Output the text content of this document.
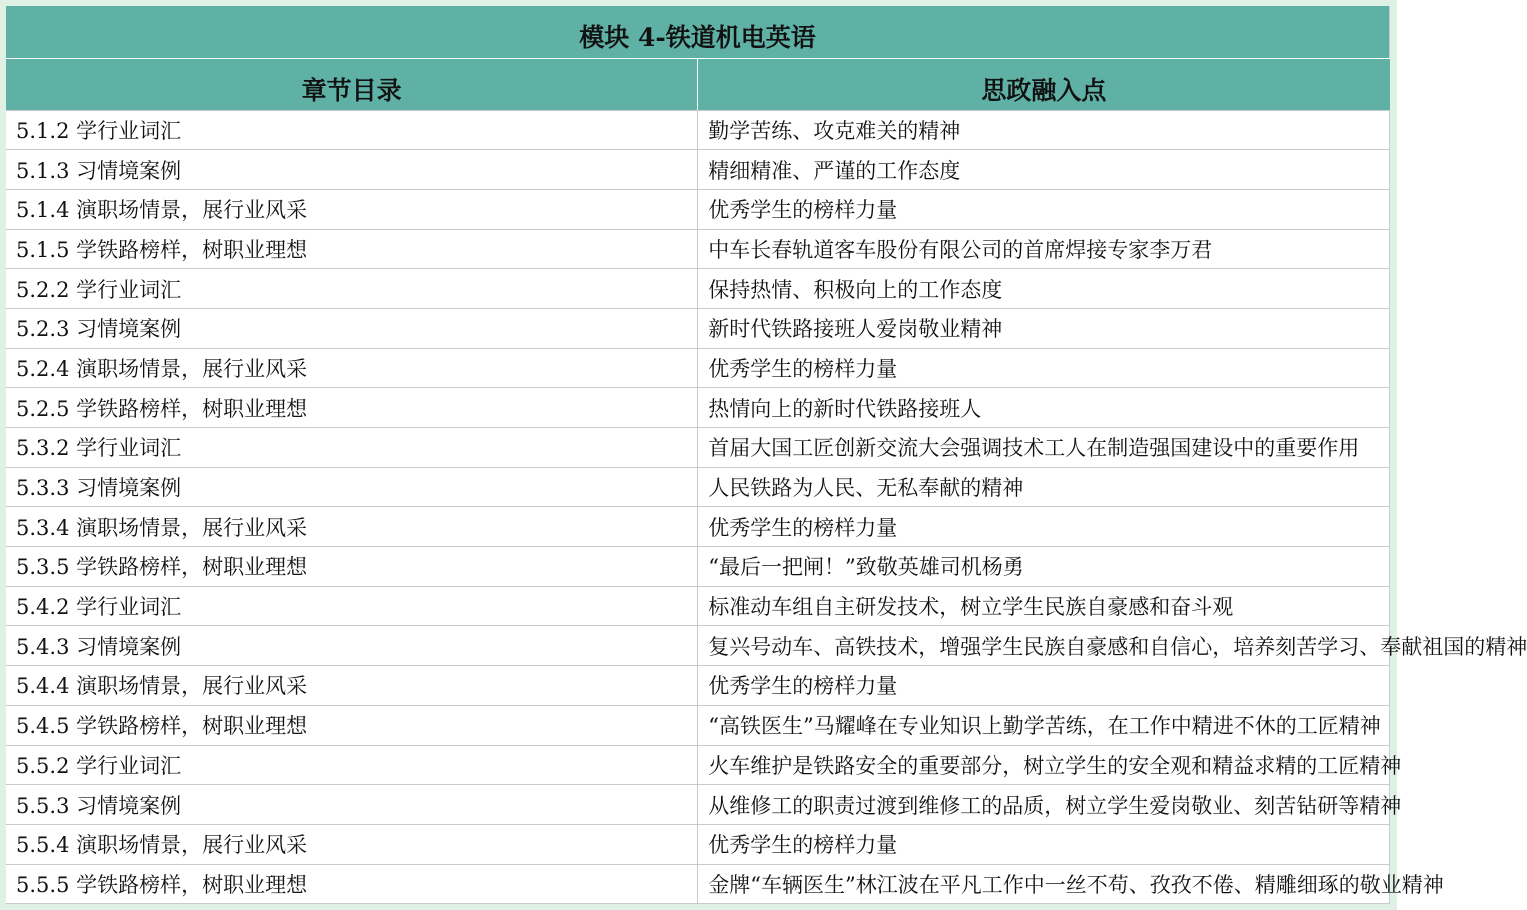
模块 4-铁道机电英语	
章节目录	思政融入点
5.1.2 学行业词汇	勤学苦练、攻克难关的精神
5.1.3 习情境案例	精细精准、严谨的工作态度
5.1.4 演职场情景，展行业风采	优秀学生的榜样力量
5.1.5 学铁路榜样，树职业理想	中车长春轨道客车股份有限公司的首席焊接专家李万君
5.2.2 学行业词汇	保持热情、积极向上的工作态度
5.2.3 习情境案例	新时代铁路接班人爱岗敬业精神
5.2.4 演职场情景，展行业风采	优秀学生的榜样力量
5.2.5 学铁路榜样，树职业理想	热情向上的新时代铁路接班人
5.3.2 学行业词汇	首届大国工匠创新交流大会强调技术工人在制造强国建设中的重要作用
5.3.3 习情境案例	人民铁路为人民、无私奉献的精神
5.3.4 演职场情景，展行业风采	优秀学生的榜样力量
5.3.5 学铁路榜样，树职业理想	“最后一把闸！”致敬英雄司机杨勇
5.4.2 学行业词汇	标准动车组自主研发技术，树立学生民族自豪感和奋斗观
5.4.3 习情境案例	复兴号动车、高铁技术，增强学生民族自豪感和自信心，培养刻苦学习、奉献祖国的精神
5.4.4 演职场情景，展行业风采	优秀学生的榜样力量
5.4.5 学铁路榜样，树职业理想	“高铁医生”马耀峰在专业知识上勤学苦练，在工作中精进不休的工匠精神
5.5.2 学行业词汇	火车维护是铁路安全的重要部分，树立学生的安全观和精益求精的工匠精神
5.5.3 习情境案例	从维修工的职责过渡到维修工的品质，树立学生爱岗敬业、刻苦钻研等精神
5.5.4 演职场情景，展行业风采	优秀学生的榜样力量
5.5.5 学铁路榜样，树职业理想	金牌“车辆医生”林江波在平凡工作中一丝不苟、孜孜不倦、精雕细琢的敬业精神
